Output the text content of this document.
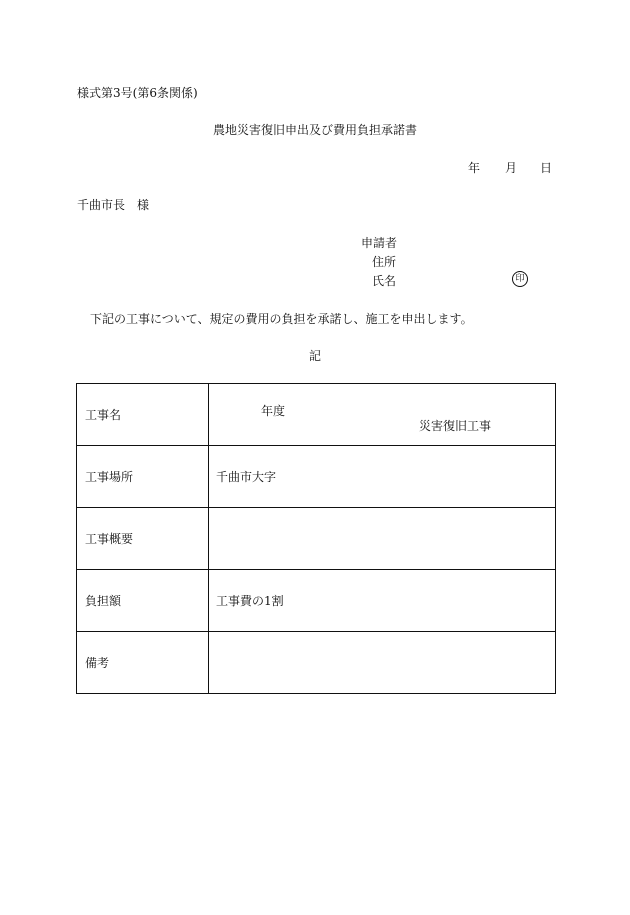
様式第3号(第6条関係)
農地災害復旧申出及び費用負担承諾書
年 月 日
千曲市長　様
申請者
住所
氏名	印
下記の工事について、規定の費用の負担を承諾し、施工を申出します。
記
工事名	年度
災害復旧工事

工事場所	千曲市大字
工事概要	
負担額	工事費の1割
備考	
